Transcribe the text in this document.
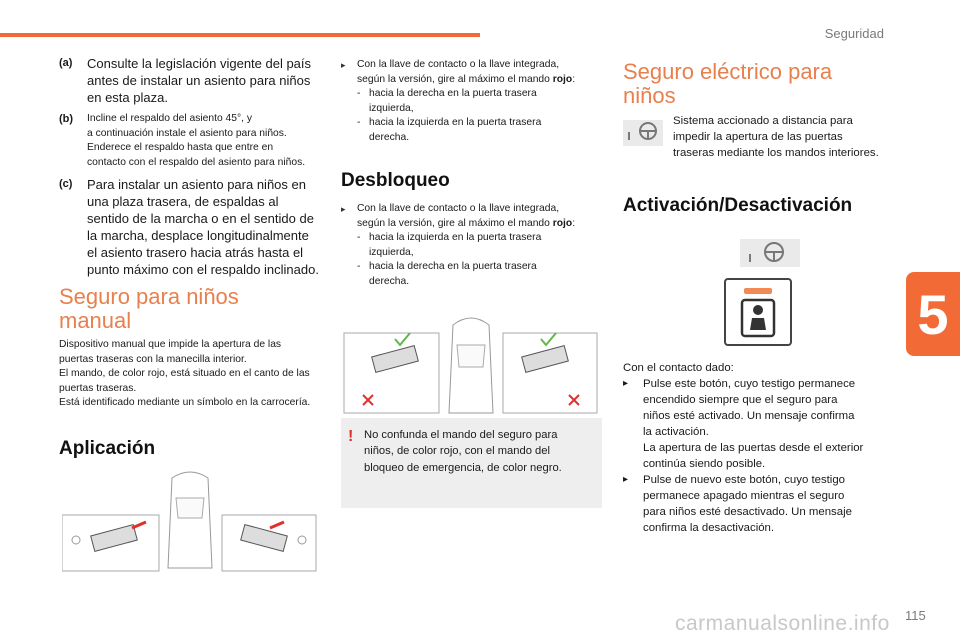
Seguridad
5
(a)	Consulte la legislación vigente del país antes de instalar un asiento para niños en esta plaza.
(b)	Incline el respaldo del asiento 45°, y
a continuación instale el asiento para niños.
Enderece el respaldo hasta que entre en
contacto con el respaldo del asiento para niños.
(c)	Para instalar un asiento para niños en una plaza trasera, de espaldas al sentido de la marcha o en el sentido de la marcha, desplace longitudinalmente el asiento trasero hacia atrás hasta el punto máximo con el respaldo inclinado.
Seguro para niños manual
Dispositivo manual que impide la apertura de las
puertas traseras con la manecilla interior.
El mando, de color rojo, está situado en el canto de las
puertas traseras.
Está identificado mediante un símbolo en la carrocería.
Aplicación
▸	Con la llave de contacto o la llave integrada,
según la versión, gire al máximo el mando rojo:
- hacia la derecha en la puerta trasera
izquierda,
- hacia la izquierda en la puerta trasera
derecha.
Desbloqueo
▸	Con la llave de contacto o la llave integrada,
según la versión, gire al máximo el mando rojo:
- hacia la izquierda en la puerta trasera
izquierda,
- hacia la derecha en la puerta trasera
derecha.
! No confunda el mando del seguro para niños, de color rojo, con el mando del bloqueo de emergencia, de color negro.
Seguro eléctrico para
niños
Sistema accionado a distancia para impedir la apertura de las puertas traseras mediante los mandos interiores.
Activación/Desactivación
Con el contacto dado:
▸	Pulse este botón, cuyo testigo permanece
encendido siempre que el seguro para
niños esté activado. Un mensaje confirma
la activación.
La apertura de las puertas desde el exterior
continúa siendo posible.
▸	Pulse de nuevo este botón, cuyo testigo
permanece apagado mientras el seguro
para niños esté desactivado. Un mensaje
confirma la desactivación.
carmanualsonline.info 115
